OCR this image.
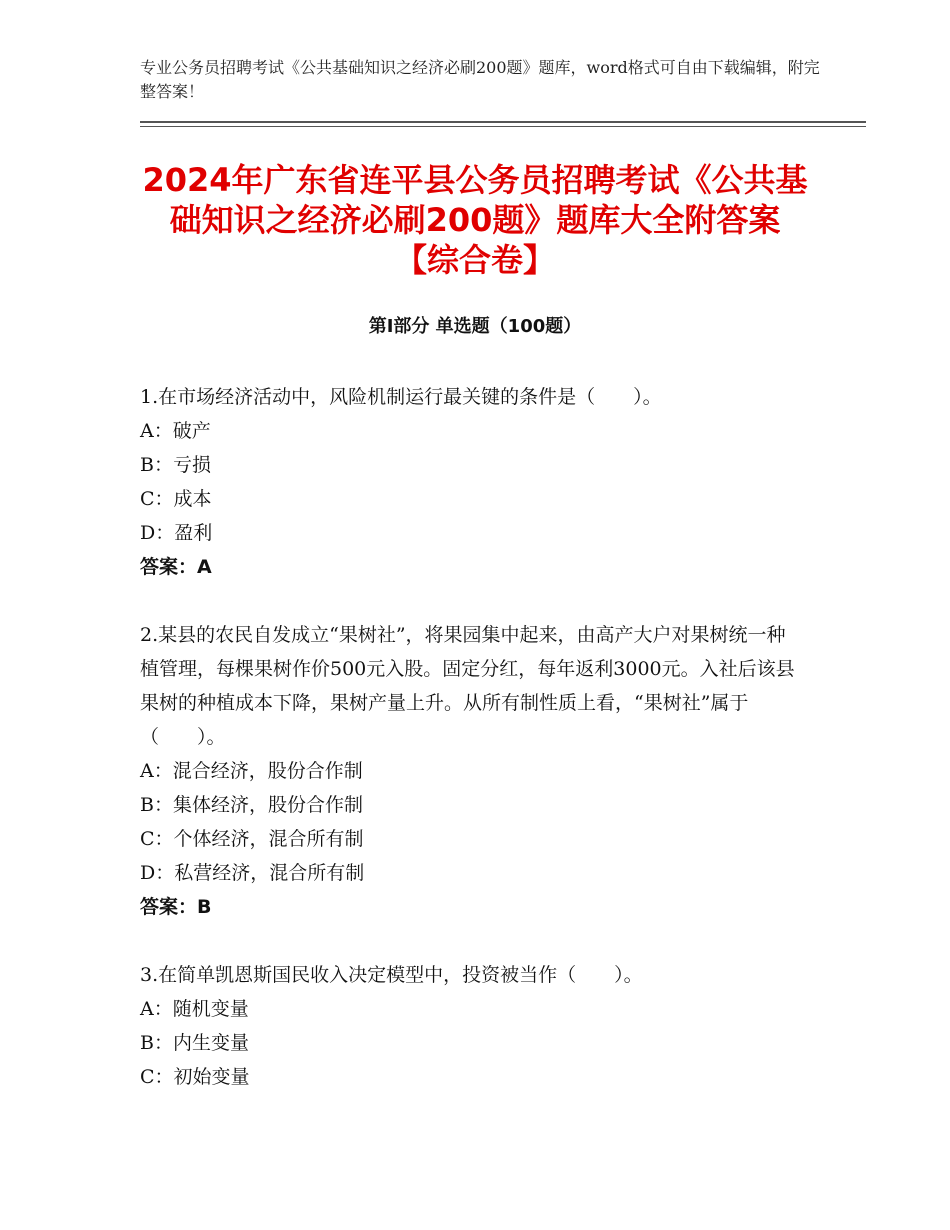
专业公务员招聘考试《公共基础知识之经济必刷200题》题库，word格式可自由下载编辑，附完整答案！
2024年广东省连平县公务员招聘考试《公共基础知识之经济必刷200题》题库大全附答案【综合卷】
第Ⅰ部分 单选题（100题）

1.在市场经济活动中，风险机制运行最关键的条件是（　　）。

A：破产

B：亏损

C：成本

D：盈利

答案：A

2.某县的农民自发成立“果树社”，将果园集中起来，由高产大户对果树统一种植管理，每棵果树作价500元入股。固定分红，每年返利3000元。入社后该县果树的种植成本下降，果树产量上升。从所有制性质上看，“果树社”属于（　　）。

A：混合经济，股份合作制

B：集体经济，股份合作制

C：个体经济，混合所有制

D：私营经济，混合所有制

答案：B

3.在简单凯恩斯国民收入决定模型中，投资被当作（　　）。

A：随机变量

B：内生变量

C：初始变量
